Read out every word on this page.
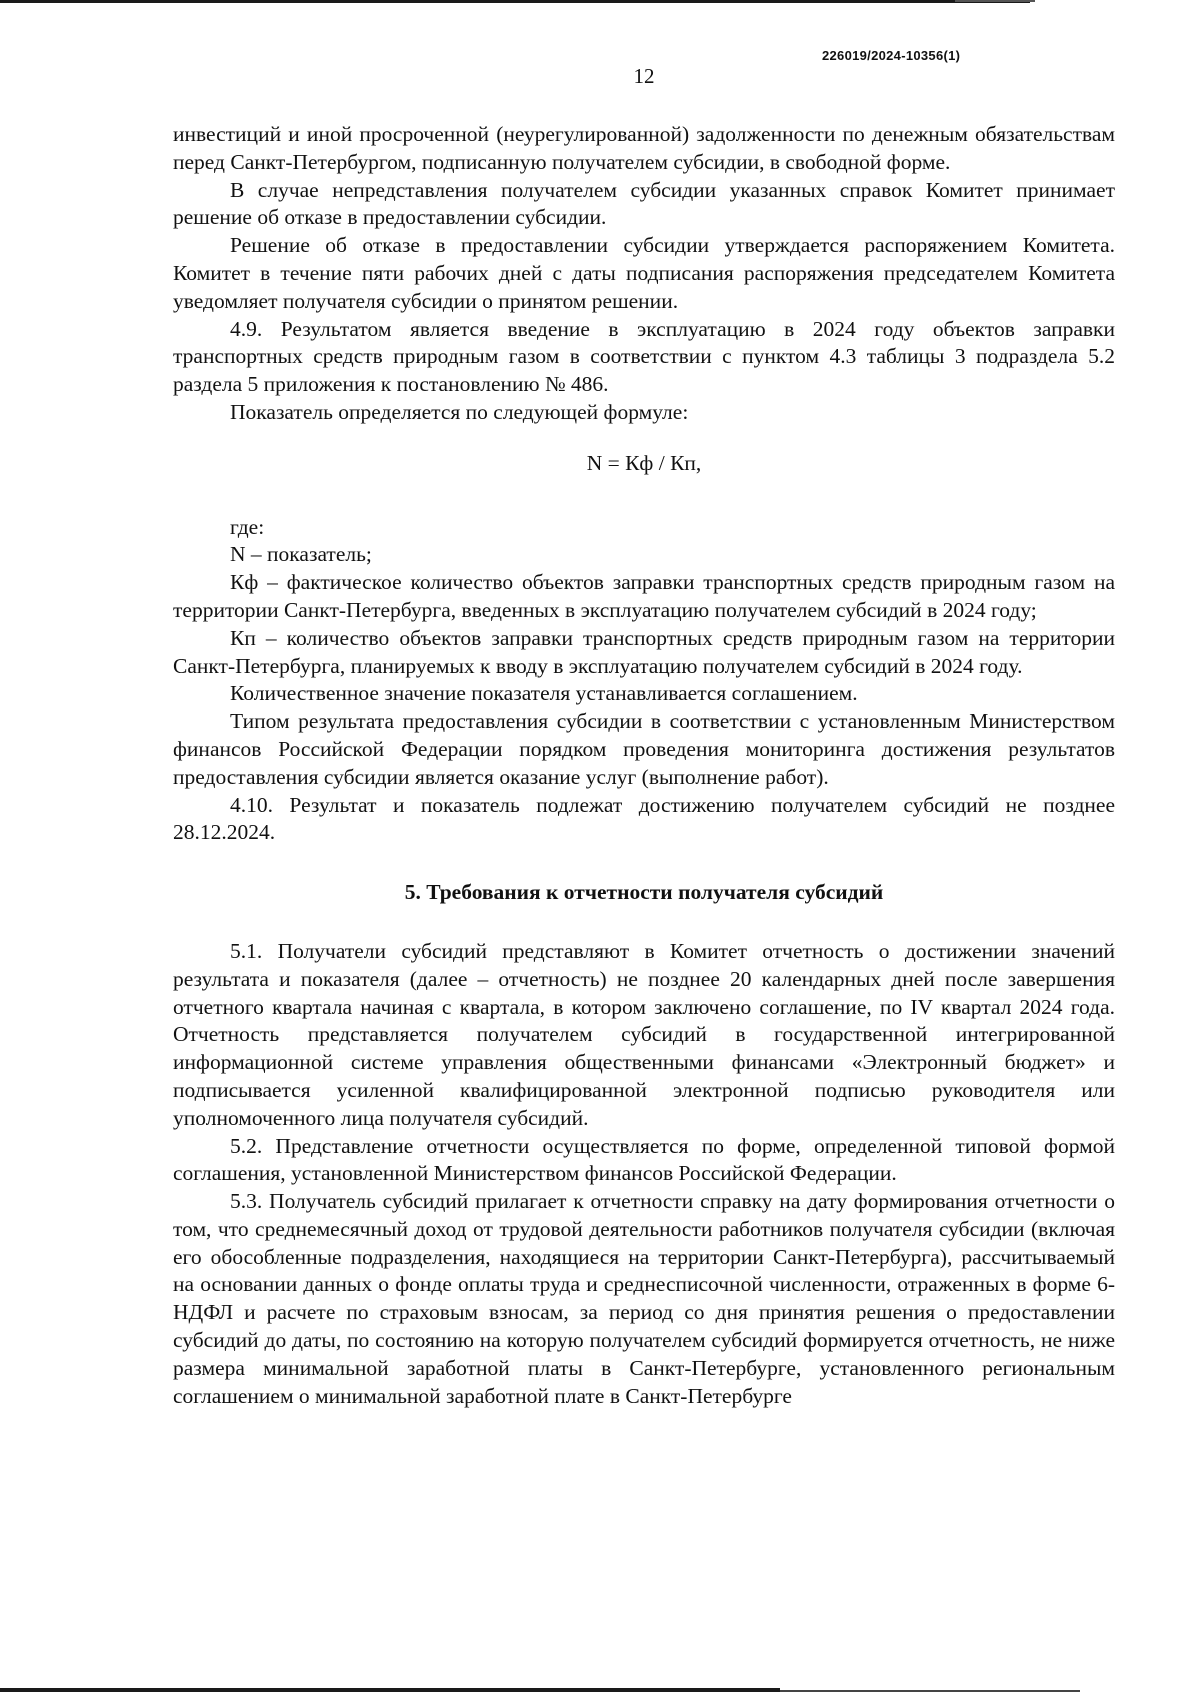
226019/2024-10356(1)
12

инвестиций и иной просроченной (неурегулированной) задолженности по денежным обязательствам перед Санкт-Петербургом, подписанную получателем субсидии, в свободной форме.

В случае непредставления получателем субсидии указанных справок Комитет принимает решение об отказе в предоставлении субсидии.

Решение об отказе в предоставлении субсидии утверждается распоряжением Комитета. Комитет в течение пяти рабочих дней с даты подписания распоряжения председателем Комитета уведомляет получателя субсидии о принятом решении.

4.9. Результатом является введение в эксплуатацию в 2024 году объектов заправки транспортных средств природным газом в соответствии с пунктом 4.3 таблицы 3 подраздела 5.2 раздела 5 приложения к постановлению № 486.

Показатель определяется по следующей формуле:

N = Кф / Кп,

где:

N – показатель;

Кф – фактическое количество объектов заправки транспортных средств природным газом на территории Санкт-Петербурга, введенных в эксплуатацию получателем субсидий в 2024 году;

Кп – количество объектов заправки транспортных средств природным газом на территории Санкт-Петербурга, планируемых к вводу в эксплуатацию получателем субсидий в 2024 году.

Количественное значение показателя устанавливается соглашением.

Типом результата предоставления субсидии в соответствии с установленным Министерством финансов Российской Федерации порядком проведения мониторинга достижения результатов предоставления субсидии является оказание услуг (выполнение работ).

4.10. Результат и показатель подлежат достижению получателем субсидий не позднее 28.12.2024.

5. Требования к отчетности получателя субсидий

5.1. Получатели субсидий представляют в Комитет отчетность о достижении значений результата и показателя (далее – отчетность) не позднее 20 календарных дней после завершения отчетного квартала начиная с квартала, в котором заключено соглашение, по IV квартал 2024 года. Отчетность представляется получателем субсидий в государственной интегрированной информационной системе управления общественными финансами «Электронный бюджет» и подписывается усиленной квалифицированной электронной подписью руководителя или уполномоченного лица получателя субсидий.

5.2. Представление отчетности осуществляется по форме, определенной типовой формой соглашения, установленной Министерством финансов Российской Федерации.

5.3. Получатель субсидий прилагает к отчетности справку на дату формирования отчетности о том, что среднемесячный доход от трудовой деятельности работников получателя субсидии (включая его обособленные подразделения, находящиеся на территории Санкт-Петербурга), рассчитываемый на основании данных о фонде оплаты труда и среднесписочной численности, отраженных в форме 6-НДФЛ и расчете по страховым взносам, за период со дня принятия решения о предоставлении субсидий до даты, по состоянию на которую получателем субсидий формируется отчетность, не ниже размера минимальной заработной платы в Санкт-Петербурге, установленного региональным соглашением о минимальной заработной плате в Санкт-Петербурге
